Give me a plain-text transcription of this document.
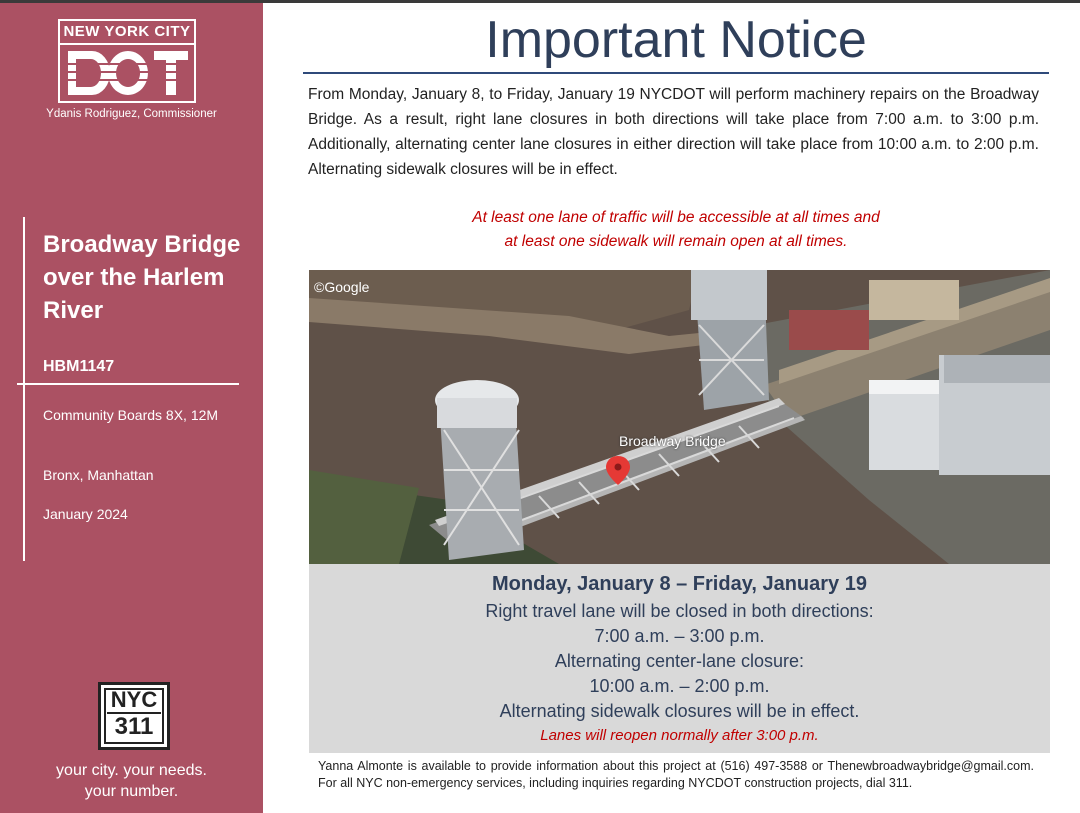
NEW YORK CITY
Ydanis Rodriguez, Commissioner
Broadway Bridge over the Harlem River
HBM1147
Community Boards 8X, 12M
Bronx, Manhattan
January 2024
NYC
311
your city. your needs.
your number.
Important Notice

From Monday, January 8, to Friday, January 19 NYCDOT will perform machinery repairs on the Broadway Bridge. As a result, right lane closures in both directions will take place from 7:00 a.m. to 3:00 p.m. Additionally, alternating center lane closures in either direction will take place from 10:00 a.m. to 2:00 p.m. Alternating sidewalk closures will be in effect.

At least one lane of traffic will be accessible at all times and
at least one sidewalk will remain open at all times.
©Google
Broadway Bridge
Monday, January 8 – Friday, January 19
Right travel lane will be closed in both directions:
7:00 a.m. – 3:00 p.m.
Alternating center-lane closure:
10:00 a.m. – 2:00 p.m.
Alternating sidewalk closures will be in effect.
Lanes will reopen normally after 3:00 p.m.

Yanna Almonte is available to provide information about this project at (516) 497-3588 or Thenewbroadwaybridge@gmail.com. For all NYC non-emergency services, including inquiries regarding NYCDOT construction projects, dial 311.
